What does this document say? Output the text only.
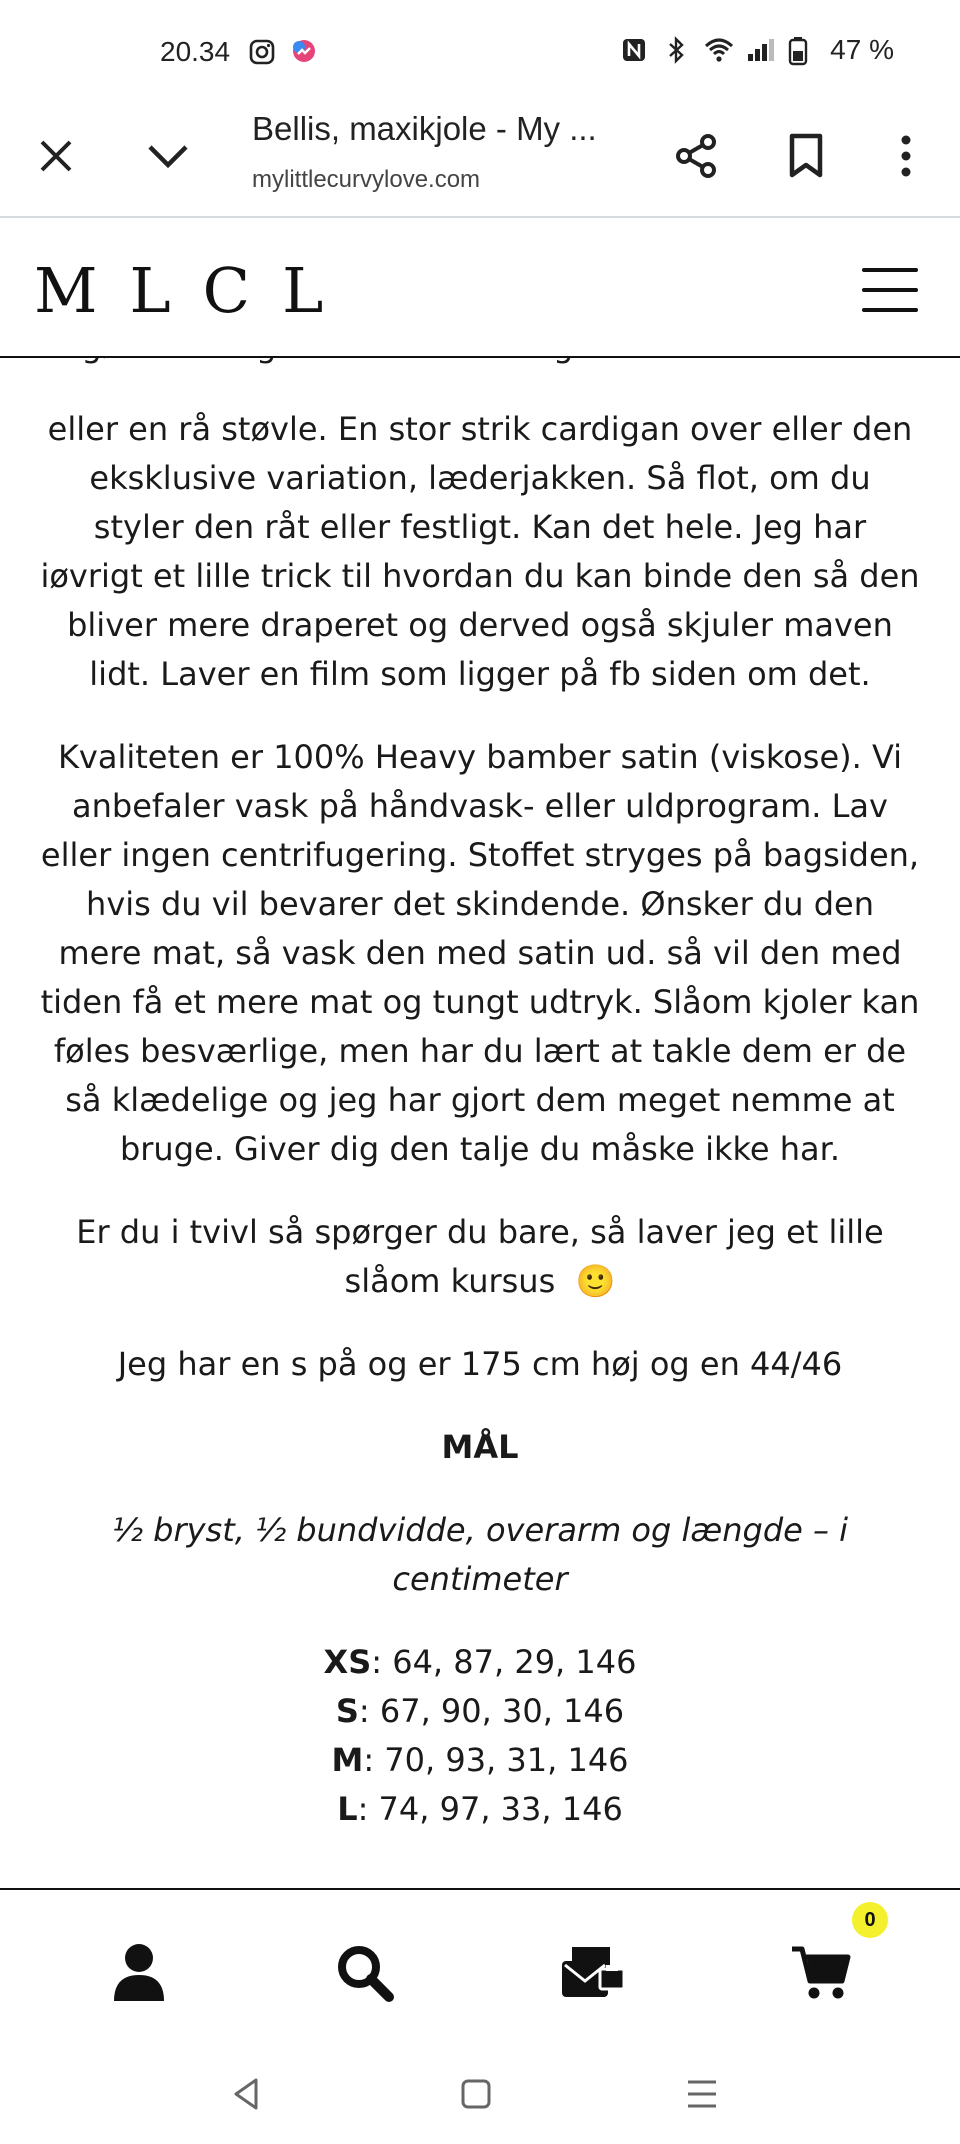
20.34	47 %
Bellis, maxikjole - My ...
mylittlecurvylove.com
MLCL

eller en rå støvle. En stor strik cardigan over eller den eksklusive variation, læderjakken. Så flot, om du styler den råt eller festligt. Kan det hele. Jeg har iøvrigt et lille trick til hvordan du kan binde den så den bliver mere draperet og derved også skjuler maven lidt. Laver en film som ligger på fb siden om det.

Kvaliteten er 100% Heavy bamber satin (viskose). Vi anbefaler vask på håndvask- eller uldprogram. Lav eller ingen centrifugering. Stoffet stryges på bagsiden, hvis du vil bevarer det skindende. Ønsker du den mere mat, så vask den med satin ud. så vil den med tiden få et mere mat og tungt udtryk. Slåom kjoler kan føles besværlige, men har du lært at takle dem er de så klædelige og jeg har gjort dem meget nemme at bruge. Giver dig den talje du måske ikke har.

Er du i tvivl så spørger du bare, så laver jeg et lille slåom kursus 🙂

Jeg har en s på og er 175 cm høj og en 44/46

MÅL

½ bryst, ½ bundvidde, overarm og længde – i centimeter

XS: 64, 87, 29, 146

S: 67, 90, 30, 146

M: 70, 93, 31, 146

L: 74, 97, 33, 146

0
